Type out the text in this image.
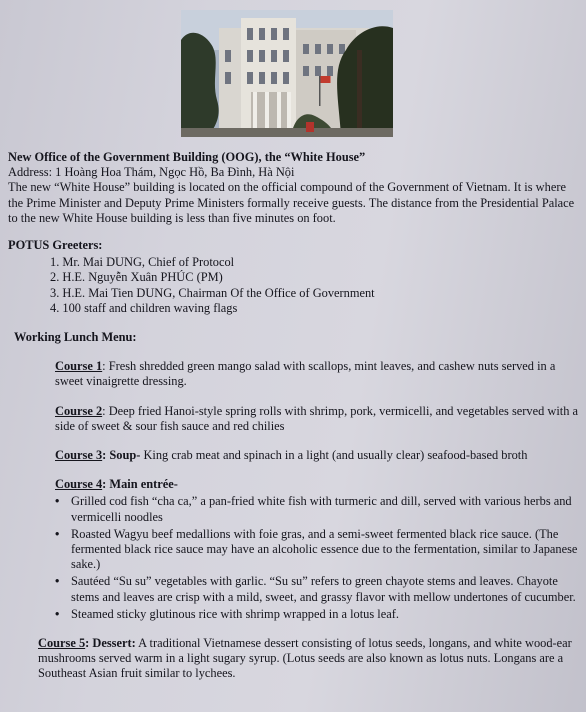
New Office of the Government Building (OOG), the “White House”

Address: 1 Hoàng Hoa Thám, Ngọc Hồ, Ba Đình, Hà Nội

The new “White House” building is located on the official compound of the Government of Vietnam. It is where the Prime Minister and Deputy Prime Ministers formally receive guests. The distance from the Presidential Palace to the new White House building is less than five minutes on foot.

POTUS Greeters:

1. Mr. Mai DUNG, Chief of Protocol
2. H.E. Nguyễn Xuân PHÚC (PM)
3. H.E. Mai Tien DUNG, Chairman Of the Office of Government
4. 100 staff and children waving flags

Working Lunch Menu:

Course 1: Fresh shredded green mango salad with scallops, mint leaves, and cashew nuts served in a sweet vinaigrette dressing.

Course 2: Deep fried Hanoi-style spring rolls with shrimp, pork, vermicelli, and vegetables served with a side of sweet & sour fish sauce and red chilies

Course 3: Soup- King crab meat and spinach in a light (and usually clear) seafood-based broth

Course 4: Main entrée-

• Grilled cod fish “cha ca,” a pan-fried white fish with turmeric and dill, served with various herbs and vermicelli noodles
• Roasted Wagyu beef medallions with foie gras, and a semi-sweet fermented black rice sauce. (The fermented black rice sauce may have an alcoholic essence due to the fermentation, similar to Japanese sake.)
• Sautéed “Su su” vegetables with garlic. “Su su” refers to green chayote stems and leaves. Chayote stems and leaves are crisp with a mild, sweet, and grassy flavor with mellow undertones of cucumber.
• Steamed sticky glutinous rice with shrimp wrapped in a lotus leaf.

Course 5: Dessert: A traditional Vietnamese dessert consisting of lotus seeds, longans, and white wood-ear mushrooms served warm in a light sugary syrup. (Lotus seeds are also known as lotus nuts. Longans are a Southeast Asian fruit similar to lychees.
